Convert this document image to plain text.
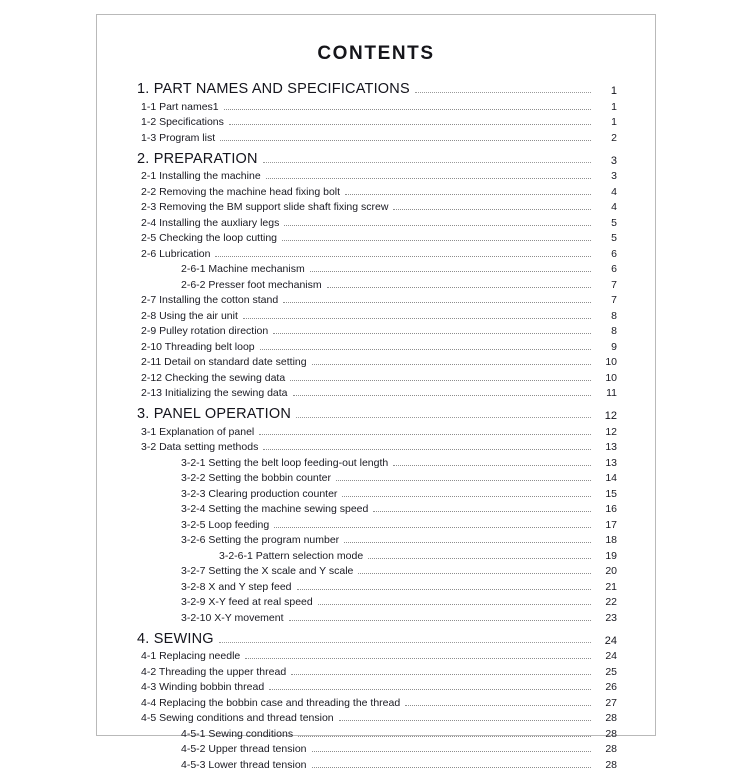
CONTENTS
1. PART NAMES AND SPECIFICATIONS	1
1-1 Part names1	1
1-2 Specifications	1
1-3 Program list	2
2. PREPARATION	3
2-1 Installing the machine	3
2-2 Removing the machine head fixing bolt	4
2-3 Removing the BM support slide shaft fixing screw	4
2-4 Installing the auxliary legs	5
2-5 Checking the loop cutting	5
2-6 Lubrication	6
2-6-1 Machine mechanism	6
2-6-2 Presser foot mechanism	7
2-7 Installing the cotton stand	7
2-8 Using the air unit	8
2-9 Pulley rotation direction	8
2-10 Threading belt loop	9
2-11 Detail on standard date setting	10
2-12 Checking the sewing data	10
2-13 Initializing the sewing data	11
3. PANEL OPERATION	12
3-1 Explanation of panel	12
3-2 Data setting methods	13
3-2-1 Setting the belt loop feeding-out length	13
3-2-2 Setting the bobbin counter	14
3-2-3 Clearing production counter	15
3-2-4 Setting the machine sewing speed	16
3-2-5 Loop feeding	17
3-2-6 Setting the program number	18
3-2-6-1 Pattern selection mode	19
3-2-7 Setting the X scale and Y scale	20
3-2-8 X and Y step feed	21
3-2-9 X-Y feed at real speed	22
3-2-10 X-Y movement	23
4. SEWING	24
4-1 Replacing needle	24
4-2 Threading the upper thread	25
4-3 Winding bobbin thread	26
4-4 Replacing the bobbin case and threading the thread	27
4-5 Sewing conditions and thread tension	28
4-5-1 Sewing conditions	28
4-5-2 Upper thread tension	28
4-5-3 Lower thread tension	28
